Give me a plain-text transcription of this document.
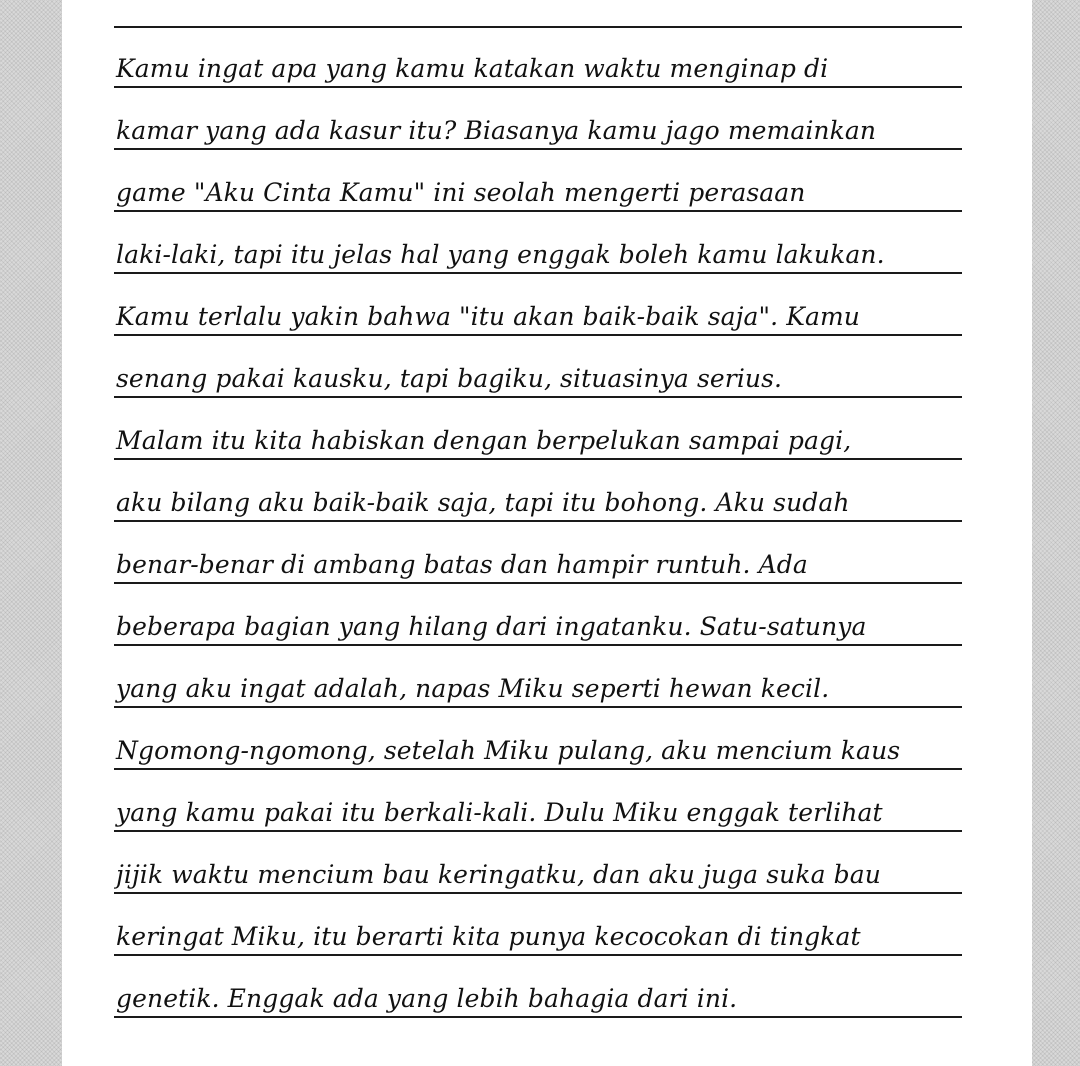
Kamu ingat apa yang kamu katakan waktu menginap di
kamar yang ada kasur itu? Biasanya kamu jago memainkan
game "Aku Cinta Kamu" ini seolah mengerti perasaan
laki-laki, tapi itu jelas hal yang enggak boleh kamu lakukan.
Kamu terlalu yakin bahwa "itu akan baik-baik saja". Kamu
senang pakai kausku, tapi bagiku, situasinya serius.
Malam itu kita habiskan dengan berpelukan sampai pagi,
aku bilang aku baik-baik saja, tapi itu bohong. Aku sudah
benar-benar di ambang batas dan hampir runtuh. Ada
beberapa bagian yang hilang dari ingatanku. Satu-satunya
yang aku ingat adalah, napas Miku seperti hewan kecil.
Ngomong-ngomong, setelah Miku pulang, aku mencium kaus
yang kamu pakai itu berkali-kali. Dulu Miku enggak terlihat
jijik waktu mencium bau keringatku, dan aku juga suka bau
keringat Miku, itu berarti kita punya kecocokan di tingkat
genetik. Enggak ada yang lebih bahagia dari ini.
